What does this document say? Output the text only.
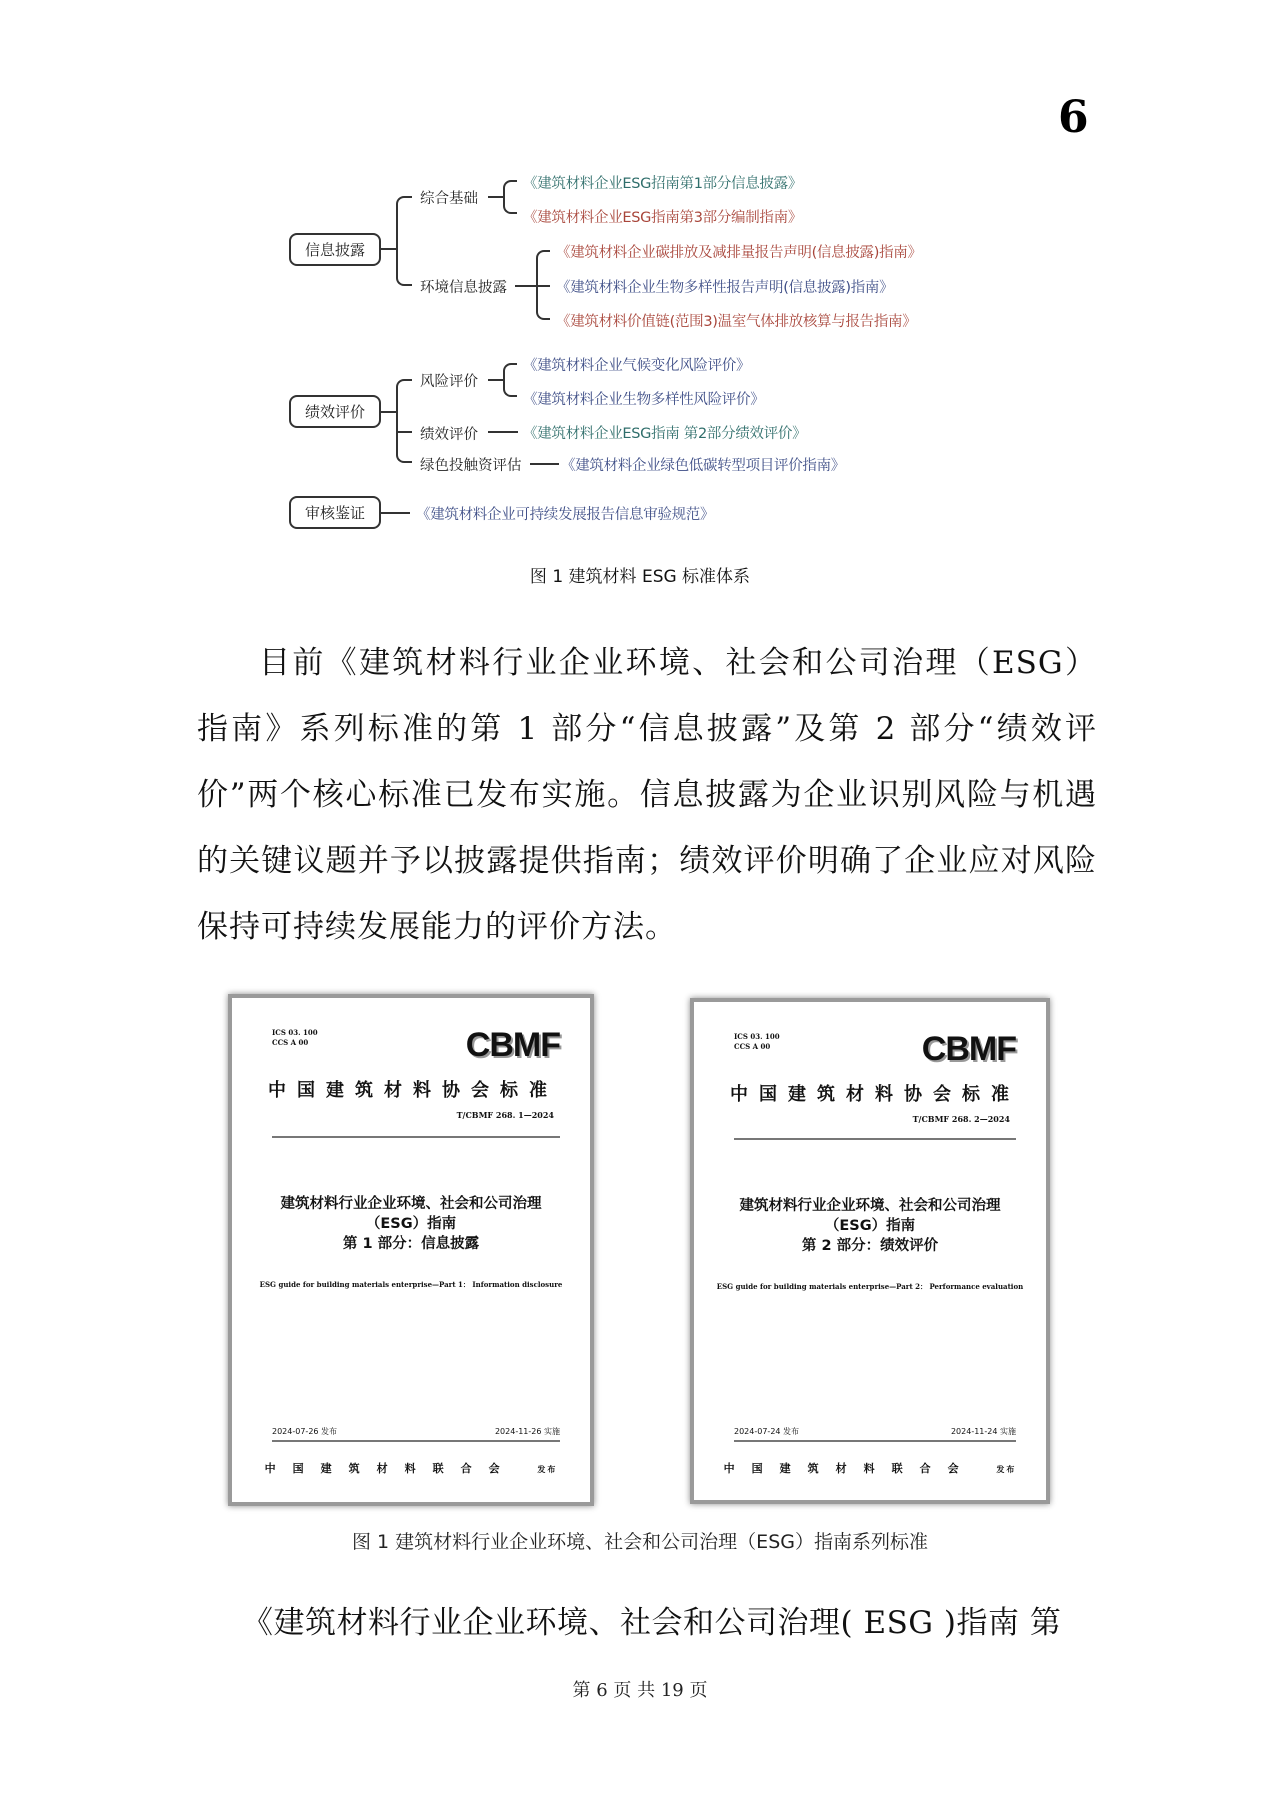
6
信息披露
综合基础
环境信息披露
《建筑材料企业ESG招南第1部分信息披露》
《建筑材料企业ESG指南第3部分编制指南》
《建筑材料企业碳排放及减排量报告声明(信息披露)指南》
《建筑材料企业生物多样性报告声明(信息披露)指南》
《建筑材料价值链(范围3)温室气体排放核算与报告指南》
绩效评价
风险评价
绩效评价
绿色投触资评估
《建筑材料企业气候变化风险评价》
《建筑材料企业生物多样性风险评价》
《建筑材料企业ESG指南 第2部分绩效评价》
《建筑材料企业绿色低碳转型项目评价指南》
审核鉴证	《建筑材料企业可持续发展报告信息审验规范》
图 1 建筑材料 ESG 标准体系

目前《建筑材料行业企业环境、社会和公司治理（ESG）指南》系列标准的第 1 部分“信息披露”及第 2 部分“绩效评价”两个核心标准已发布实施。信息披露为企业识别风险与机遇的关键议题并予以披露提供指南；绩效评价明确了企业应对风险保持可持续发展能力的评价方法。

ICS 03. 100
CCS A 00	CBMF
中国建筑材料协会标准
T/CBMF 268. 1—2024
建筑材料行业企业环境、社会和公司治理
（ESG）指南
第 1 部分：信息披露
ESG guide for building materials enterprise—Part 1： Information disclosure
2024-07-26 发布	2024-11-26 实施
中国建筑材料联合会	发布
ICS 03. 100
CCS A 00	CBMF
中国建筑材料协会标准
T/CBMF 268. 2—2024
建筑材料行业企业环境、社会和公司治理
（ESG）指南
第 2 部分：绩效评价
ESG guide for building materials enterprise—Part 2： Performance evaluation
2024-07-24 发布	2024-11-24 实施
中国建筑材料联合会	发布
图 1 建筑材料行业企业环境、社会和公司治理（ESG）指南系列标准
《建筑材料行业企业环境、社会和公司治理( ESG )指南 第
第 6 页 共 19 页
